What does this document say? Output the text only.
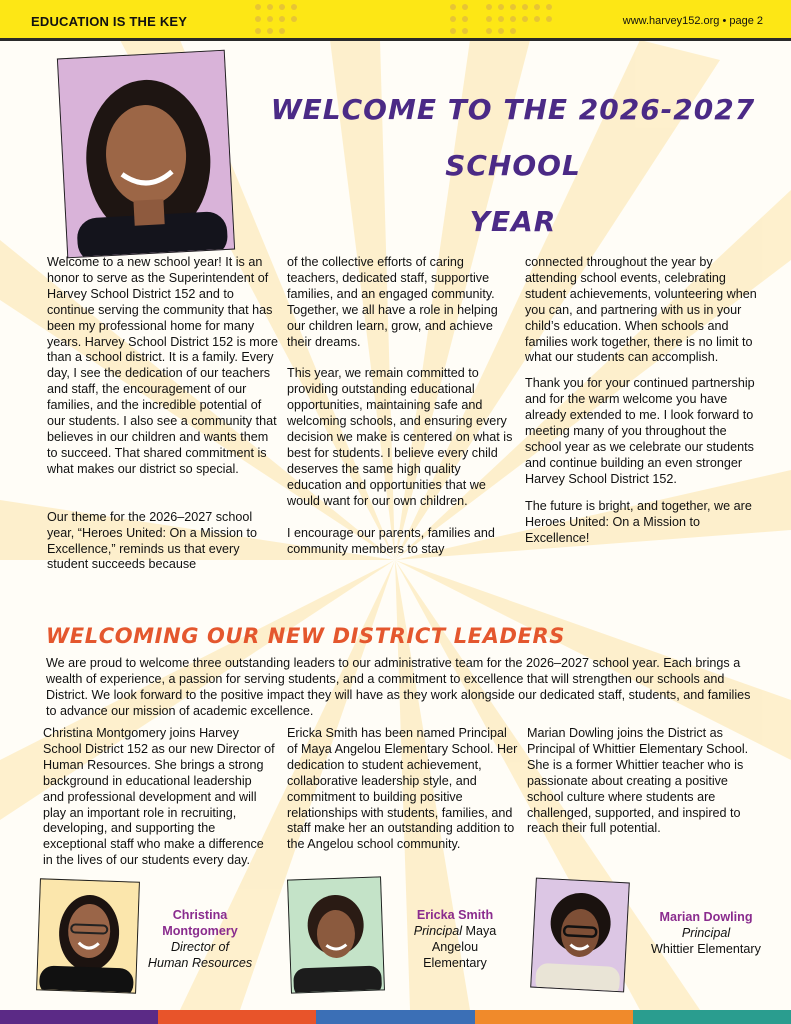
EDUCATION IS THE KEY	www.harvey152.org • page 2
WELCOME TO THE 2026-2027 SCHOOL
YEAR

Welcome to a new school year! It is an honor to serve as the Superintendent of Harvey School District 152 and to continue serving the community that has been my professional home for many years. Harvey School District 152 is more than a school district. It is a family. Every day, I see the dedication of our teachers and staff, the encouragement of our families, and the incredible potential of our students. I also see a community that believes in our children and wants them to succeed. That shared commitment is what makes our district so special.

Our theme for the 2026–2027 school year, “Heroes United: On a Mission to Excellence,” reminds us that every student succeeds because

of the collective efforts of caring teachers, dedicated staff, supportive families, and an engaged community. Together, we all have a role in helping our children learn, grow, and achieve their dreams.

This year, we remain committed to providing outstanding educational opportunities, maintaining safe and welcoming schools, and ensuring every decision we make is centered on what is best for students. I believe every child deserves the same high quality education and opportunities that we would want for our own children.

I encourage our parents, families and community members to stay

connected throughout the year by attending school events, celebrating student achievements, volunteering when you can, and partnering with us in your child’s education. When schools and families work together, there is no limit to what our students can accomplish.

Thank you for your continued partnership and for the warm welcome you have already extended to me. I look forward to meeting many of you throughout the school year as we celebrate our students and continue building an even stronger Harvey School District 152.

The future is bright, and together, we are Heroes United: On a Mission to Excellence!

WELCOMING OUR NEW DISTRICT LEADERS
We are proud to welcome three outstanding leaders to our administrative team for the 2026–2027 school year. Each brings a wealth of experience, a passion for serving students, and a commitment to excellence that will strengthen our schools and District. We look forward to the positive impact they will have as they work alongside our dedicated staff, students, and families to advance our mission of academic excellence.
Christina Montgomery joins Harvey School District 152 as our new Director of Human Resources. She brings a strong background in educational leadership and professional development and will play an important role in recruiting, developing, and supporting the exceptional staff who make a difference in the lives of our students every day.
Ericka Smith has been named Principal of Maya Angelou Elementary School. Her dedication to student achievement, collaborative leadership style, and commitment to building positive relationships with students, families, and staff make her an outstanding addition to the Angelou school community.
Marian Dowling joins the District as Principal of Whittier Elementary School. She is a former Whittier teacher who is passionate about creating a positive school culture where students are challenged, supported, and inspired to reach their full potential.
Christina
Montgomery
Director of
Human Resources
Ericka Smith
Principal Maya
Angelou
Elementary
Marian Dowling
Principal
Whittier Elementary
